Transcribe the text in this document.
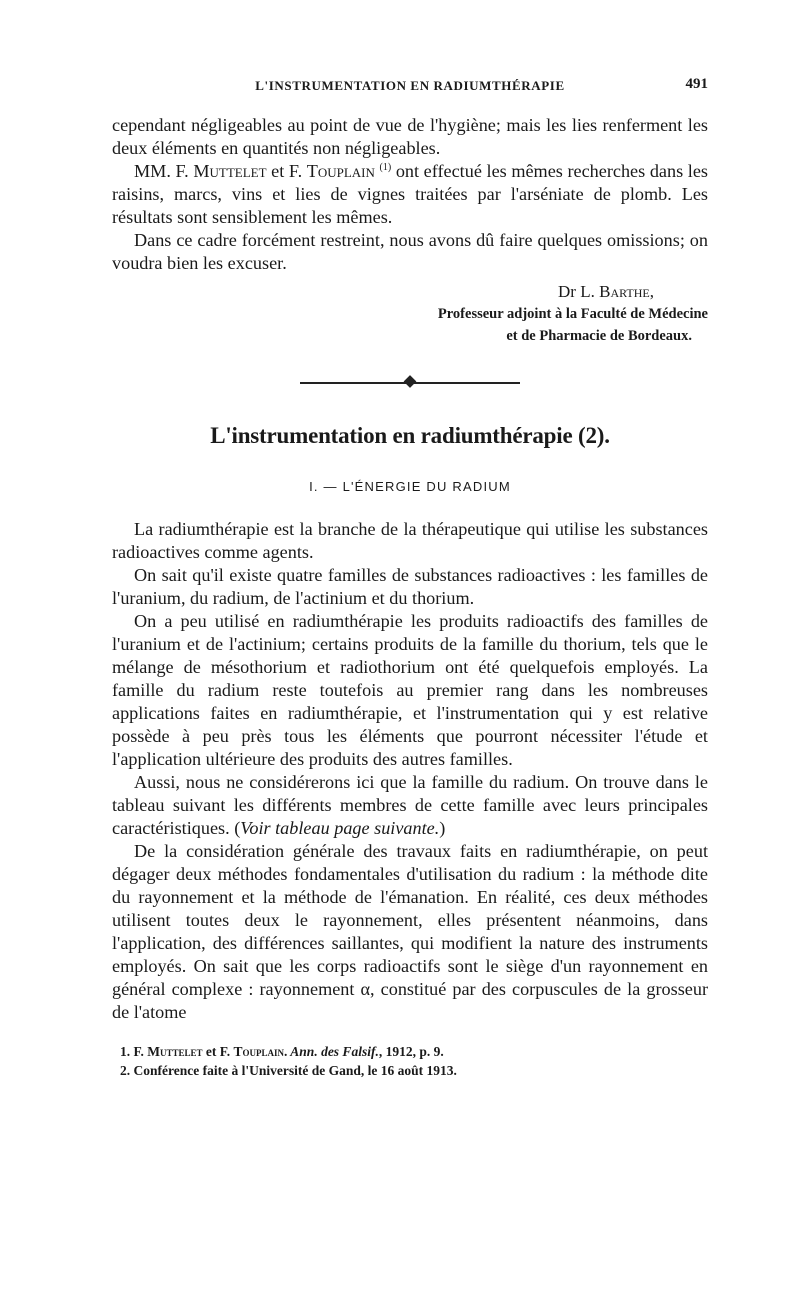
L'INSTRUMENTATION EN RADIUMTHÉRAPIE	491

cependant négligeables au point de vue de l'hygiène; mais les lies renferment les deux éléments en quantités non négligeables.

MM. F. Muttelet et F. Touplain $^{(1)}$ ont effectué les mêmes recherches dans les raisins, marcs, vins et lies de vignes traitées par l'arséniate de plomb. Les résultats sont sensiblement les mêmes.

Dans ce cadre forcément restreint, nous avons dû faire quelques omissions; on voudra bien les excuser.

Dr L. Barthe,
Professeur adjoint à la Faculté de Médecine
et de Pharmacie de Bordeaux.
L'instrumentation en radiumthérapie (2).
I. — L'ÉNERGIE DU RADIUM

La radiumthérapie est la branche de la thérapeutique qui utilise les substances radioactives comme agents.

On sait qu'il existe quatre familles de substances radioactives : les familles de l'uranium, du radium, de l'actinium et du thorium.

On a peu utilisé en radiumthérapie les produits radioactifs des familles de l'uranium et de l'actinium; certains produits de la famille du thorium, tels que le mélange de mésothorium et radiothorium ont été quelquefois employés. La famille du radium reste toutefois au premier rang dans les nombreuses applications faites en radiumthérapie, et l'instrumentation qui y est relative possède à peu près tous les éléments que pourront nécessiter l'étude et l'application ultérieure des produits des autres familles.

Aussi, nous ne considérerons ici que la famille du radium. On trouve dans le tableau suivant les différents membres de cette famille avec leurs principales caractéristiques. (Voir tableau page suivante.)

De la considération générale des travaux faits en radiumthérapie, on peut dégager deux méthodes fondamentales d'utilisation du radium : la méthode dite du rayonnement et la méthode de l'émanation. En réalité, ces deux méthodes utilisent toutes deux le rayonnement, elles présentent néanmoins, dans l'application, des différences saillantes, qui modifient la nature des instruments employés. On sait que les corps radioactifs sont le siège d'un rayonnement en général complexe : rayonnement α, constitué par des corpuscules de la grosseur de l'atome

1. F. Muttelet et F. Touplain. Ann. des Falsif., 1912, p. 9.
2. Conférence faite à l'Université de Gand, le 16 août 1913.
